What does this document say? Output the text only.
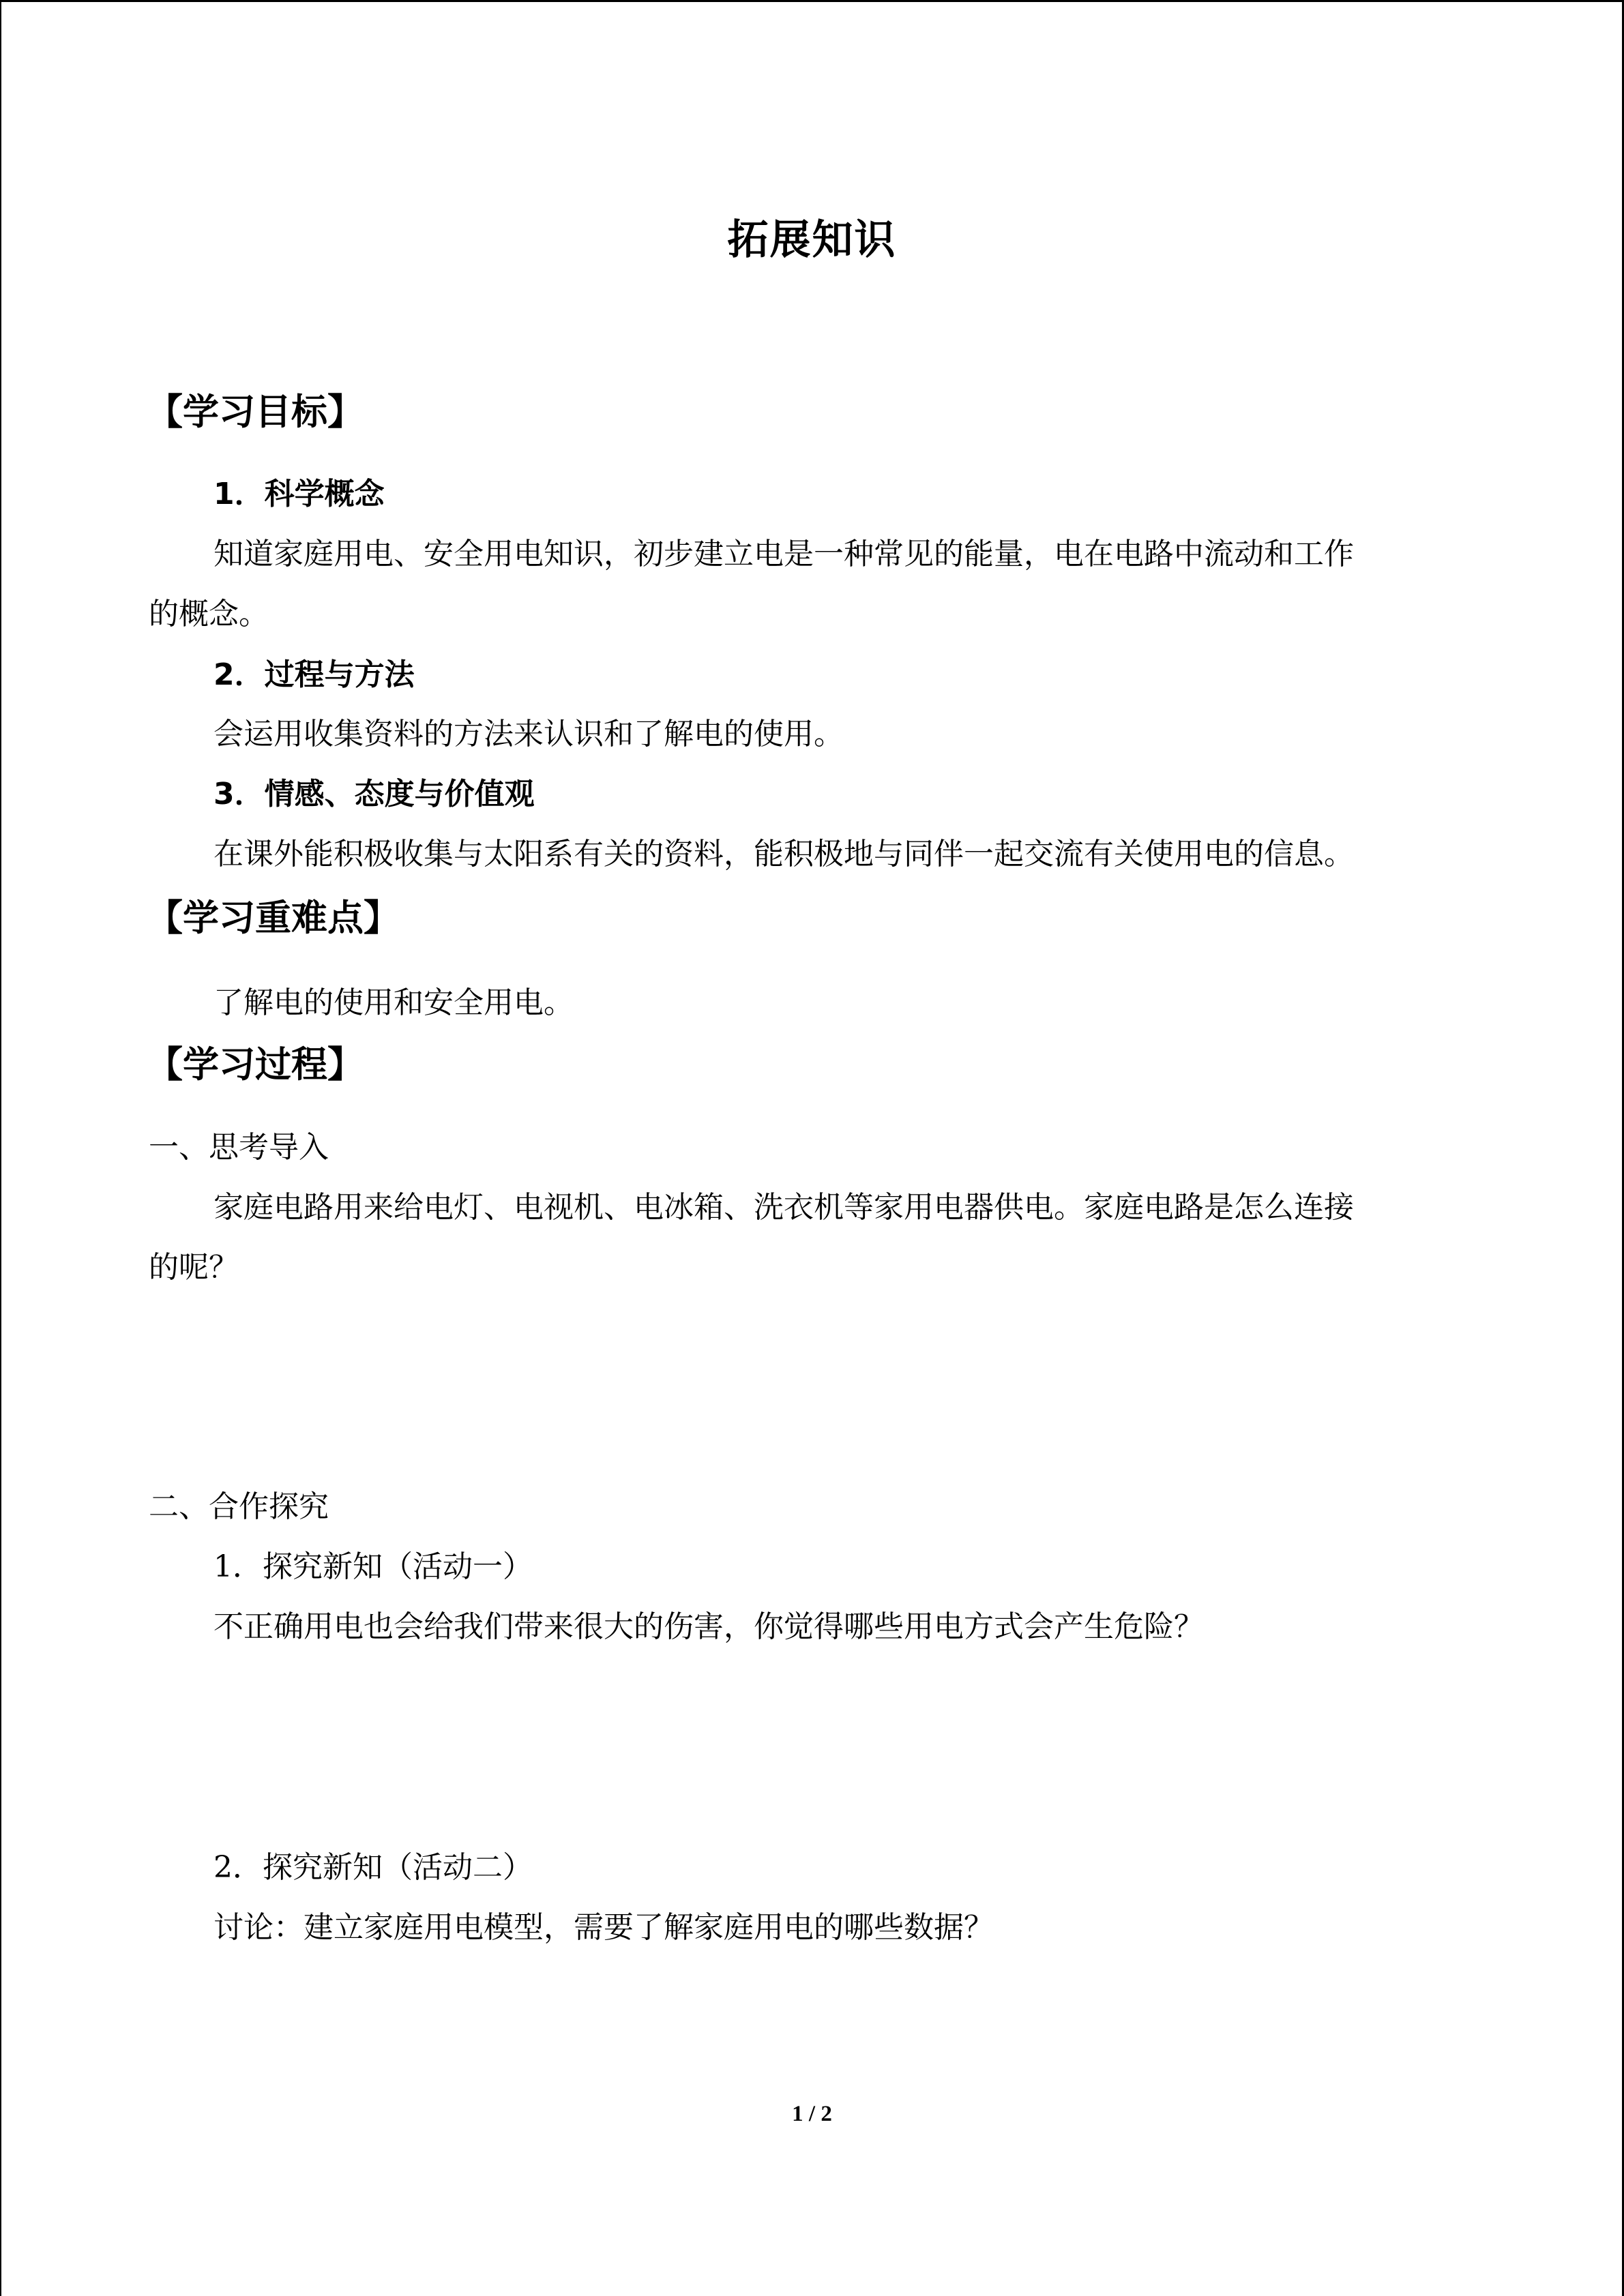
拓展知识
【学习目标】
1．科学概念
知道家庭用电、安全用电知识，初步建立电是一种常见的能量，电在电路中流动和工作
的概念。
2．过程与方法
会运用收集资料的方法来认识和了解电的使用。
3．情感、态度与价值观
在课外能积极收集与太阳系有关的资料，能积极地与同伴一起交流有关使用电的信息。
【学习重难点】
了解电的使用和安全用电。
【学习过程】
一、思考导入
家庭电路用来给电灯、电视机、电冰箱、洗衣机等家用电器供电。家庭电路是怎么连接
的呢？
二、合作探究
1．探究新知（活动一）
不正确用电也会给我们带来很大的伤害，你觉得哪些用电方式会产生危险？
2．探究新知（活动二）
讨论：建立家庭用电模型，需要了解家庭用电的哪些数据？
1 / 2
